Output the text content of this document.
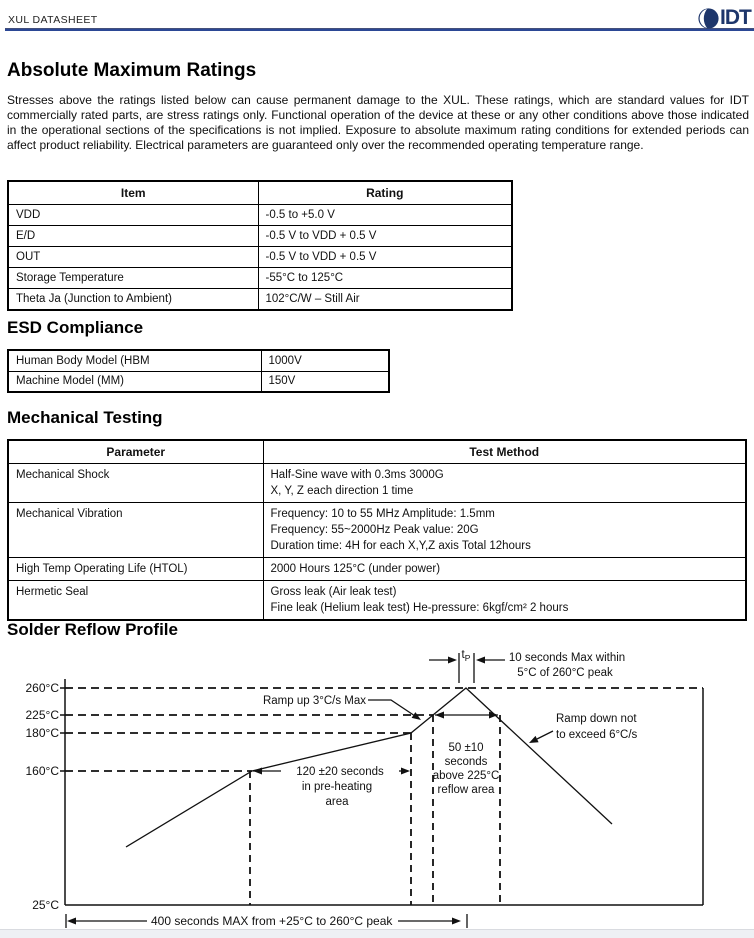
XUL DATASHEET	IDT
Absolute Maximum Ratings

Stresses above the ratings listed below can cause permanent damage to the XUL. These ratings, which are standard values for IDT commercially rated parts, are stress ratings only. Functional operation of the device at these or any other conditions above those indicated in the operational sections of the specifications is not implied. Exposure to absolute maximum rating conditions for extended periods can affect product reliability. Electrical parameters are guaranteed only over the recommended operating temperature range.

Item	Rating
VDD	-0.5 to +5.0 V
E/D	-0.5 V to VDD + 0.5 V
OUT	-0.5 V to VDD + 0.5 V
Storage Temperature	-55°C to 125°C
Theta Ja (Junction to Ambient)	102°C/W – Still Air
ESD Compliance
Human Body Model (HBM	1000V
Machine Model (MM)	150V
Mechanical Testing
Parameter	Test Method
Mechanical Shock	Half-Sine wave with 0.3ms 3000G
X, Y, Z each direction 1 time

Mechanical Vibration	Frequency: 10 to 55 MHz Amplitude: 1.5mm
Frequency: 55~2000Hz Peak value: 20G
Duration time: 4H for each X,Y,Z axis Total 12hours

High Temp Operating Life (HTOL)	2000 Hours 125°C (under power)

Hermetic Seal	Gross leak (Air leak test)
Fine leak (Helium leak test) He-pressure: 6kgf/cm² 2 hours
Solder Reflow Profile
260°C
225°C
180°C
160°C
25°C
$t_P$	10 seconds Max within
5°C of 260°C peak
Ramp up 3°C/s Max
50 ±10
seconds
above 225°C
reflow area
Ramp down not
to exceed 6°C/s
120 ±20 seconds
in pre-heating
area
400 seconds MAX from +25°C to 260°C peak
